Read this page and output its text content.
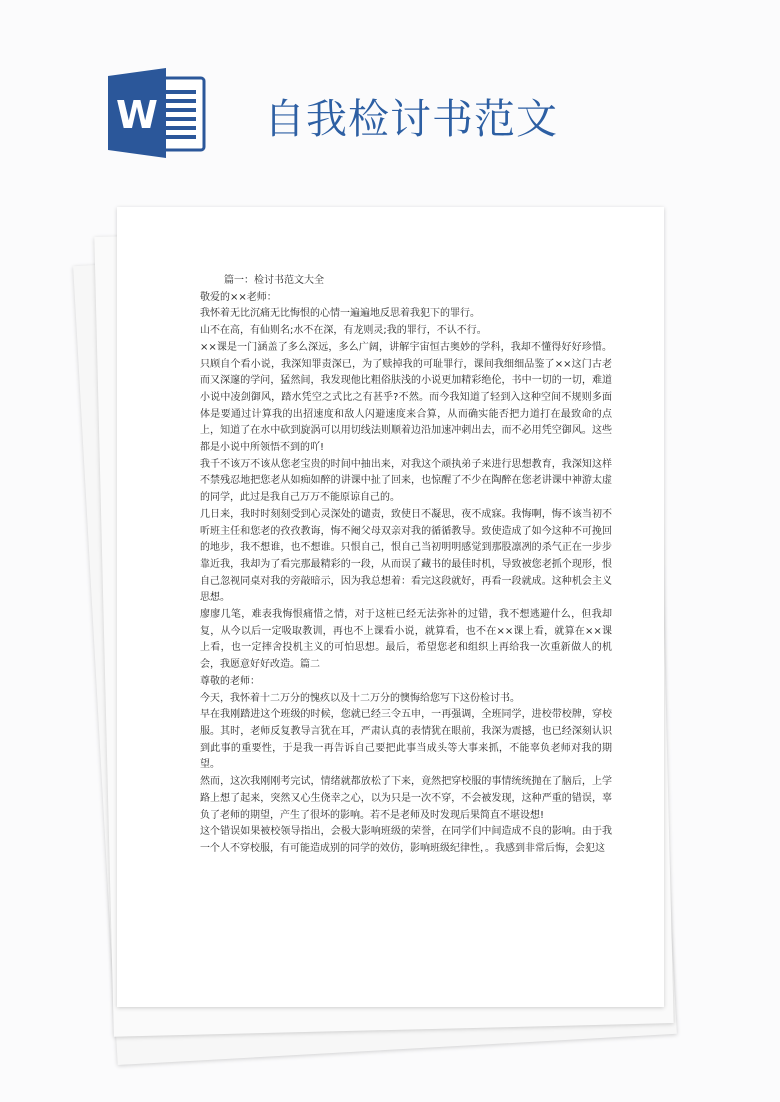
W	自我检讨书范文

篇一：检讨书范文大全

敬爱的××老师：

我怀着无比沉痛无比悔恨的心情一遍遍地反思着我犯下的罪行。

山不在高，有仙则名;水不在深，有龙则灵;我的罪行，不认不行。

××课是一门涵盖了多么深远，多么广阔，讲解宇宙恒古奥妙的学科，我却不懂得好好珍惜。只顾自个看小说，我深知罪责深已，为了赎掉我的可耻罪行，课间我细细品鉴了××这门古老而又深邃的学问，猛然间，我发现他比粗俗肤浅的小说更加精彩绝伦，书中一切的一切，难道小说中凌剑御风，踏水凭空之式比之有甚乎?不然。而今我知道了轻到入这种空间不规则多面体是要通过计算我的出招速度和敌人闪避速度来合算，从而确实能否把力道打在最致命的点上，知道了在水中砍到旋涡可以用切线法则顺着边沿加速冲刺出去，而不必用凭空御风。这些都是小说中所领悟不到的吖!

我千不该万不该从您老宝贵的时间中抽出来，对我这个顽执弟子来进行思想教育，我深知这样不禁残忍地把您老从如痴如醉的讲课中扯了回来，也惊醒了不少在陶醉在您老讲课中神游太虚的同学，此过是我自己万万不能原谅自己的。

几日来，我时时刻刻受到心灵深处的谴责，致使日不凝思，夜不成寐。我悔啊，悔不该当初不听班主任和您老的孜孜教诲，悔不阉父母双亲对我的循循教导。致使造成了如今这种不可挽回的地步，我不想谁，也不想谁。只恨自己，恨自己当初明明感觉到那股凛冽的杀气正在一步步靠近我，我却为了看完那最精彩的一段，从而误了藏书的最佳时机，导致被您老抓个现形，恨自己忽视同桌对我的旁敲暗示，因为我总想着：看完这段就好，再看一段就成。这种机会主义思想。

廖廖几笔，难表我悔恨痛惜之情，对于这桩已经无法弥补的过错，我不想逃避什么，但我却复，从今以后一定吸取教训，再也不上课看小说，就算看，也不在××课上看，就算在××课上看，也一定摔舍投机主义的可怕思想。最后，希望您老和组织上再给我一次重新做人的机会，我愿意好好改造。篇二

尊敬的老师：

今天，我怀着十二万分的愧疚以及十二万分的懊悔给您写下这份检讨书。

早在我刚踏进这个班级的时候，您就已经三令五申，一再强调，全班同学，进校带校牌，穿校服。其时，老师反复教导言犹在耳，严肃认真的表情犹在眼前，我深为震撼，也已经深刻认识到此事的重要性，于是我一再告诉自己要把此事当成头等大事来抓，不能辜负老师对我的期望。

然而，这次我刚刚考完试，情绪就都放松了下来，竟然把穿校服的事情统统抛在了脑后，上学路上想了起来，突然又心生侥幸之心，以为只是一次不穿，不会被发现，这种严重的错误，辜负了老师的期望，产生了很坏的影响。若不是老师及时发现后果简直不堪设想!

这个错误如果被校领导指出，会极大影响班级的荣誉，在同学们中间造成不良的影响。由于我一个人不穿校服，有可能造成别的同学的效仿，影响班级纪律性，。我感到非常后悔，会犯这
